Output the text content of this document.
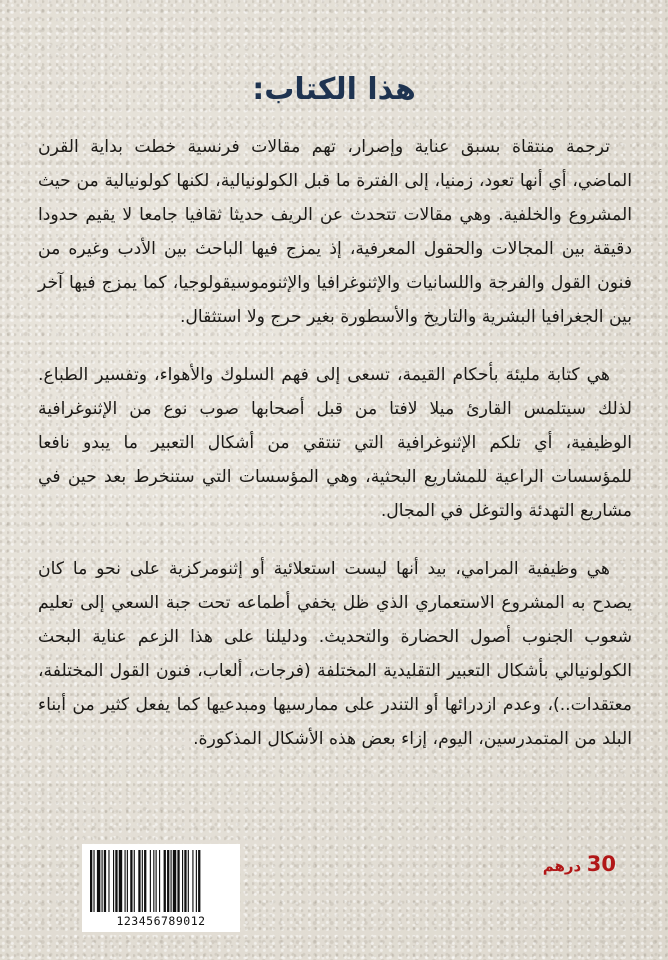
هذا الكتاب:

ترجمة منتقاة بسبق عناية وإصرار، تهم مقالات فرنسية خطت بداية القرن الماضي، أي أنها تعود، زمنيا، إلى الفترة ما قبل الكولونيالية، لكنها كولونيالية من حيث المشروع والخلفية. وهي مقالات تتحدث عن الريف حديثا ثقافيا جامعا لا يقيم حدودا دقيقة بين المجالات والحقول المعرفية، إذ يمزج فيها الباحث بين الأدب وغيره من فنون القول والفرجة واللسانيات والإثنوغرافيا والإثنوموسيقولوجيا، كما يمزج فيها آخر بين الجغرافيا البشرية والتاريخ والأسطورة بغير حرج ولا استثقال.

هي كتابة مليئة بأحكام القيمة، تسعى إلى فهم السلوك والأهواء، وتفسير الطباع. لذلك سيتلمس القارئ ميلا لافتا من قبل أصحابها صوب نوع من الإثنوغرافية الوظيفية، أي تلكم الإثنوغرافية التي تنتقي من أشكال التعبير ما يبدو نافعا للمؤسسات الراعية للمشاريع البحثية، وهي المؤسسات التي ستنخرط بعد حين في مشاريع التهدئة والتوغل في المجال.

هي وظيفية المرامي، بيد أنها ليست استعلائية أو إثنومركزية على نحو ما كان يصدح به المشروع الاستعماري الذي ظل يخفي أطماعه تحت جبة السعي إلى تعليم شعوب الجنوب أصول الحضارة والتحديث. ودليلنا على هذا الزعم عناية البحث الكولونيالي بأشكال التعبير التقليدية المختلفة (فرجات، ألعاب، فنون القول المختلفة، معتقدات..)، وعدم ازدرائها أو التندر على ممارسيها ومبدعيها كما يفعل كثير من أبناء البلد من المتمدرسين، اليوم، إزاء بعض هذه الأشكال المذكورة.

30 درهم
123456789012
